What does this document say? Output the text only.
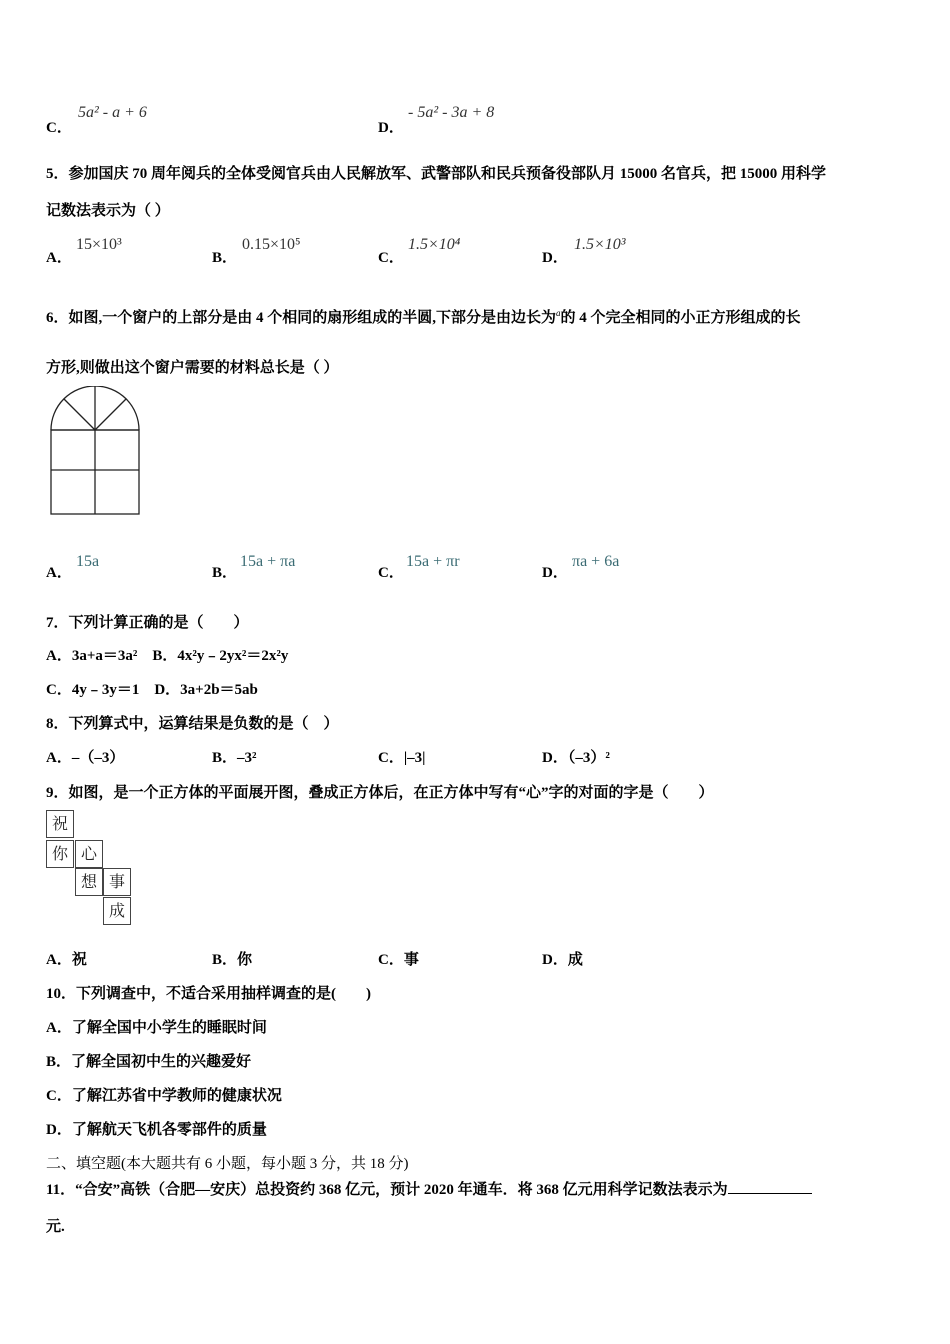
C．
5a² - a + 6
D．
- 5a² - 3a + 8
5．参加国庆 70 周年阅兵的全体受阅官兵由人民解放军、武警部队和民兵预备役部队月 15000 名官兵，把 15000 用科学
记数法表示为（ ）
A．
15×10³
B．
0.15×10⁵
C．
1.5×10⁴
D．
1.5×10³
6．如图,一个窗户的上部分是由 4 个相同的扇形组成的半圆,下部分是由边长为$^a$的 4 个完全相同的小正方形组成的长
方形,则做出这个窗户需要的材料总长是（ ）
A．
15a
B．
15a + πa
C．
15a + πr
D．
πa + 6a
7．下列计算正确的是（　　）
A．3a+a＝3a²　B．4x²y﹣2yx²＝2x²y
C．4y﹣3y＝1　D．3a+2b＝5ab
8．下列算式中，运算结果是负数的是（　）
A．–（–3）	B．–3²	C．|–3|	D．（–3）²
9．如图，是一个正方体的平面展开图，叠成正方体后，在正方体中写有“心”字的对面的字是（　　）
祝
你 心
想 事
成
A．祝	B．你	C．事	D．成
10．下列调查中，不适合采用抽样调查的是(　　)
A．了解全国中小学生的睡眠时间
B．了解全国初中生的兴趣爱好
C．了解江苏省中学教师的健康状况
D．了解航天飞机各零部件的质量
二、填空题(本大题共有 6 小题，每小题 3 分，共 18 分)
11．“合安”高铁（合肥—安庆）总投资约 368 亿元，预计 2020 年通车．将 368 亿元用科学记数法表示为
元.
